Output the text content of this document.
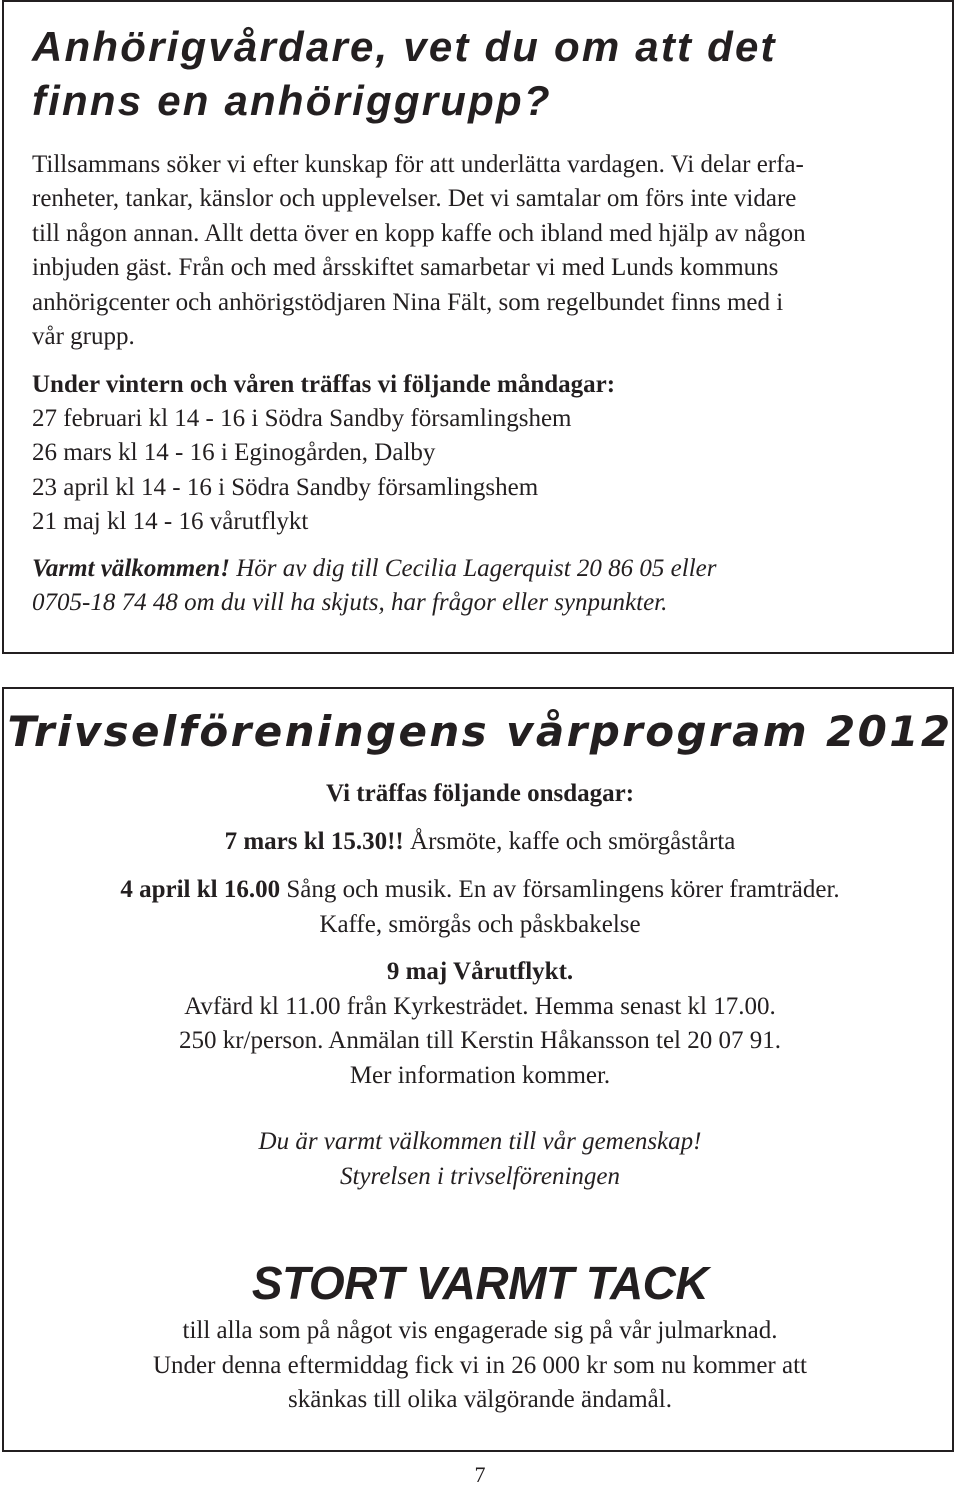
Anhörigvårdare, vet du om att det
finns en anhöriggrupp?

Tillsammans söker vi efter kunskap för att underlätta vardagen. Vi delar erfa-
renheter, tankar, känslor och upplevelser. Det vi samtalar om förs inte vidare
till någon annan. Allt detta över en kopp kaffe och ibland med hjälp av någon
inbjuden gäst. Från och med årsskiftet samarbetar vi med Lunds kommuns
anhörigcenter och anhörigstödjaren Nina Fält, som regelbundet finns med i
vår grupp.

Under vintern och våren träffas vi följande måndagar:
27 februari kl 14 - 16 i Södra Sandby församlingshem
26 mars kl 14 - 16 i Eginogården, Dalby
23 april kl 14 - 16 i Södra Sandby församlingshem
21 maj kl 14 - 16 vårutflykt
Varmt välkommen! Hör av dig till Cecilia Lagerquist 20 86 05 eller
0705-18 74 48 om du vill ha skjuts, har frågor eller synpunkter.
Trivselföreningens vårprogram 2012
Vi träffas följande onsdagar:
7 mars kl 15.30!! Årsmöte, kaffe och smörgåstårta
4 april kl 16.00 Sång och musik. En av församlingens körer framträder.
Kaffe, smörgås och påskbakelse
9 maj Vårutflykt.
Avfärd kl 11.00 från Kyrkesträdet. Hemma senast kl 17.00.
250 kr/person. Anmälan till Kerstin Håkansson tel 20 07 91.
Mer information kommer.
Du är varmt välkommen till vår gemenskap!
Styrelsen i trivselföreningen
STORT VARMT TACK
till alla som på något vis engagerade sig på vår julmarknad.
Under denna eftermiddag fick vi in 26 000 kr som nu kommer att
skänkas till olika välgörande ändamål.
7
